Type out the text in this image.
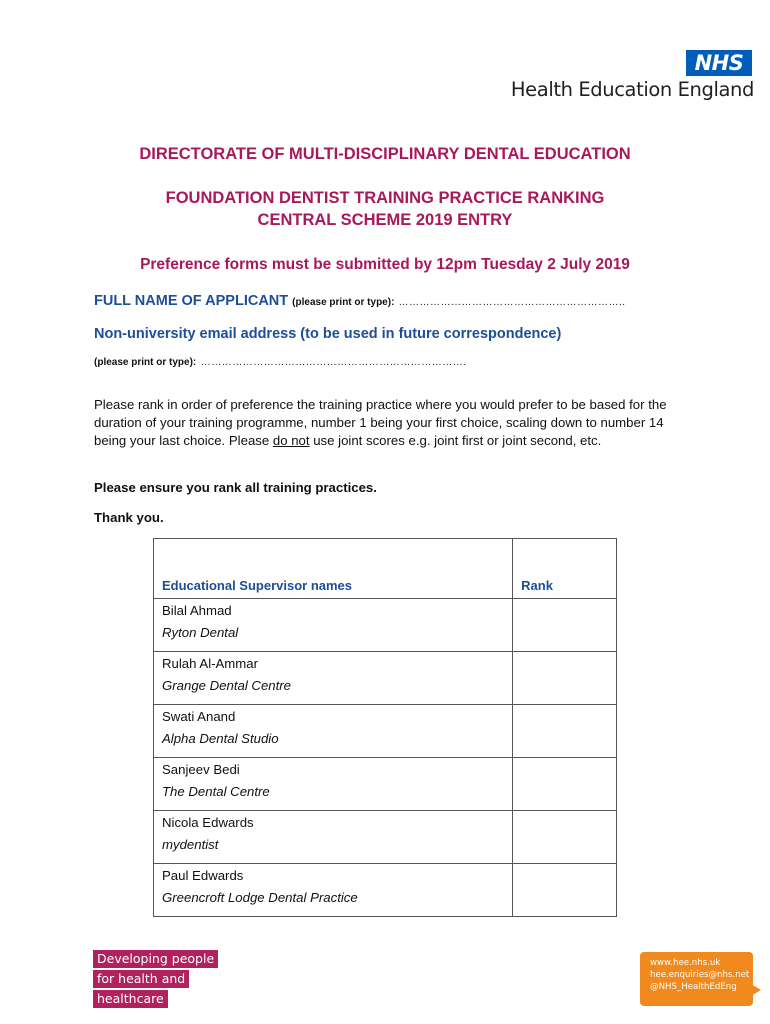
NHS
Health Education England
DIRECTORATE OF MULTI-DISCIPLINARY DENTAL EDUCATION
FOUNDATION DENTIST TRAINING PRACTICE RANKING
CENTRAL SCHEME 2019 ENTRY
Preference forms must be submitted by 12pm Tuesday 2 July 2019
FULL NAME OF APPLICANT (please print or type): ………………………………………………………..
Non-university email address (to be used in future correspondence)
(please print or type): ………………………………………………………………….
Please rank in order of preference the training practice where you would prefer to be based for the duration of your training programme, number 1 being your first choice, scaling down to number 14 being your last choice. Please do not use joint scores e.g. joint first or joint second, etc.
Please ensure you rank all training practices.
Thank you.
Educational Supervisor names	Rank

Bilal Ahmad
Ryton Dental	

Rulah Al-Ammar
Grange Dental Centre	

Swati Anand
Alpha Dental Studio	

Sanjeev Bedi
The Dental Centre	

Nicola Edwards
mydentist	

Paul Edwards
Greencroft Lodge Dental Practice	

Developing people
for health and
healthcare
www.hee.nhs.uk
hee.enquiries@nhs.net
@NHS_HealthEdEng
